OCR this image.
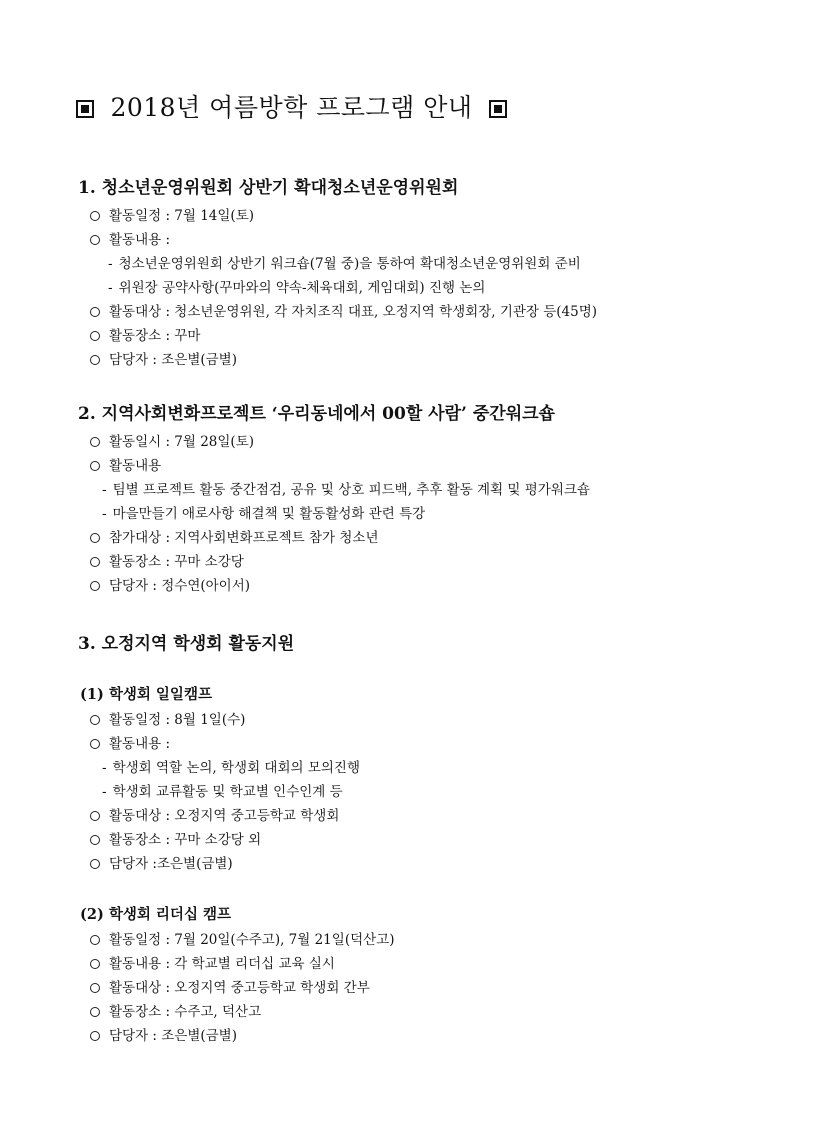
2018년 여름방학 프로그램 안내
1. 청소년운영위원회 상반기 확대청소년운영위원회
활동일정 : 7월 14일(토)
활동내용 :
- 청소년운영위원회 상반기 워크숍(7월 중)을 통하여 확대청소년운영위원회 준비
- 위원장 공약사항(꾸마와의 약속-체육대회, 게임대회) 진행 논의
활동대상 : 청소년운영위원, 각 자치조직 대표, 오정지역 학생회장, 기관장 등(45명)
활동장소 : 꾸마
담당자 : 조은별(금별)
2. 지역사회변화프로젝트 ‘우리동네에서 00할 사람’ 중간워크숍
활동일시 : 7월 28일(토)
활동내용
- 팀별 프로젝트 활동 중간점검, 공유 및 상호 피드백, 추후 활동 계획 및 평가워크숍
- 마을만들기 애로사항 해결책 및 활동활성화 관련 특강
참가대상 : 지역사회변화프로젝트 참가 청소년
활동장소 : 꾸마 소강당
담당자 : 정수연(아이서)
3. 오정지역 학생회 활동지원
(1) 학생회 일일캠프
활동일정 : 8월 1일(수)
활동내용 :
- 학생회 역할 논의, 학생회 대회의 모의진행
- 학생회 교류활동 및 학교별 인수인계 등
활동대상 : 오정지역 중고등학교 학생회
활동장소 : 꾸마 소강당 외
담당자 :조은별(금별)
(2) 학생회 리더십 캠프
활동일정 : 7월 20일(수주고), 7월 21일(덕산고)
활동내용 : 각 학교별 리더십 교육 실시
활동대상 : 오정지역 중고등학교 학생회 간부
활동장소 : 수주고, 덕산고
담당자 : 조은별(금별)
